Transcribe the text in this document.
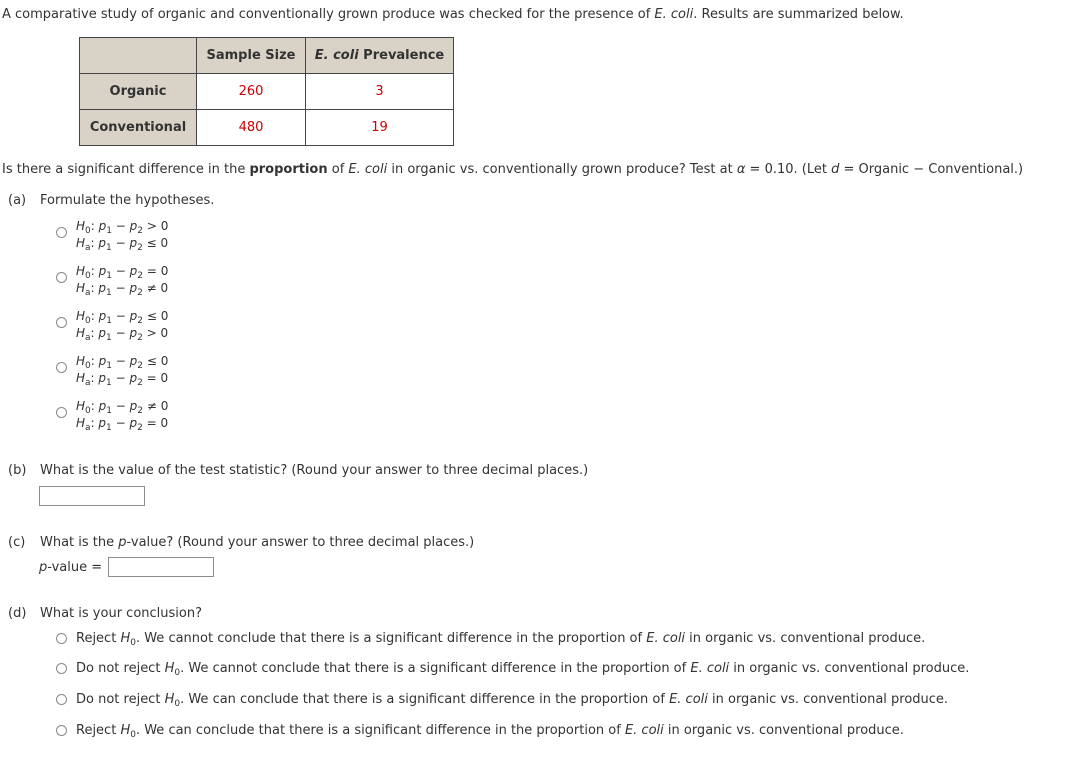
A comparative study of organic and conventionally grown produce was checked for the presence of E. coli. Results are summarized below.
	Sample Size	E. coli Prevalence
Organic	260	3
Conventional	480	19
Is there a significant difference in the proportion of E. coli in organic vs. conventionally grown produce? Test at α = 0.10. (Let d = Organic − Conventional.)
(a) Formulate the hypotheses.
$H_0$: $p_1 - p_2 > 0$
$H_a$: $p_1 - p_2 \le 0$
$H_0$: $p_1 - p_2 = 0$
$H_a$: $p_1 - p_2 \ne 0$
$H_0$: $p_1 - p_2 \le 0$
$H_a$: $p_1 - p_2 > 0$
$H_0$: $p_1 - p_2 \le 0$
$H_a$: $p_1 - p_2 = 0$
$H_0$: $p_1 - p_2 \ne 0$
$H_a$: $p_1 - p_2 = 0$
(b) What is the value of the test statistic? (Round your answer to three decimal places.)
(c) What is the p-value? (Round your answer to three decimal places.)
p-value =
(d) What is your conclusion?
Reject $H_0$. We cannot conclude that there is a significant difference in the proportion of E. coli in organic vs. conventional produce.
Do not reject $H_0$. We cannot conclude that there is a significant difference in the proportion of E. coli in organic vs. conventional produce.
Do not reject $H_0$. We can conclude that there is a significant difference in the proportion of E. coli in organic vs. conventional produce.
Reject $H_0$. We can conclude that there is a significant difference in the proportion of E. coli in organic vs. conventional produce.
